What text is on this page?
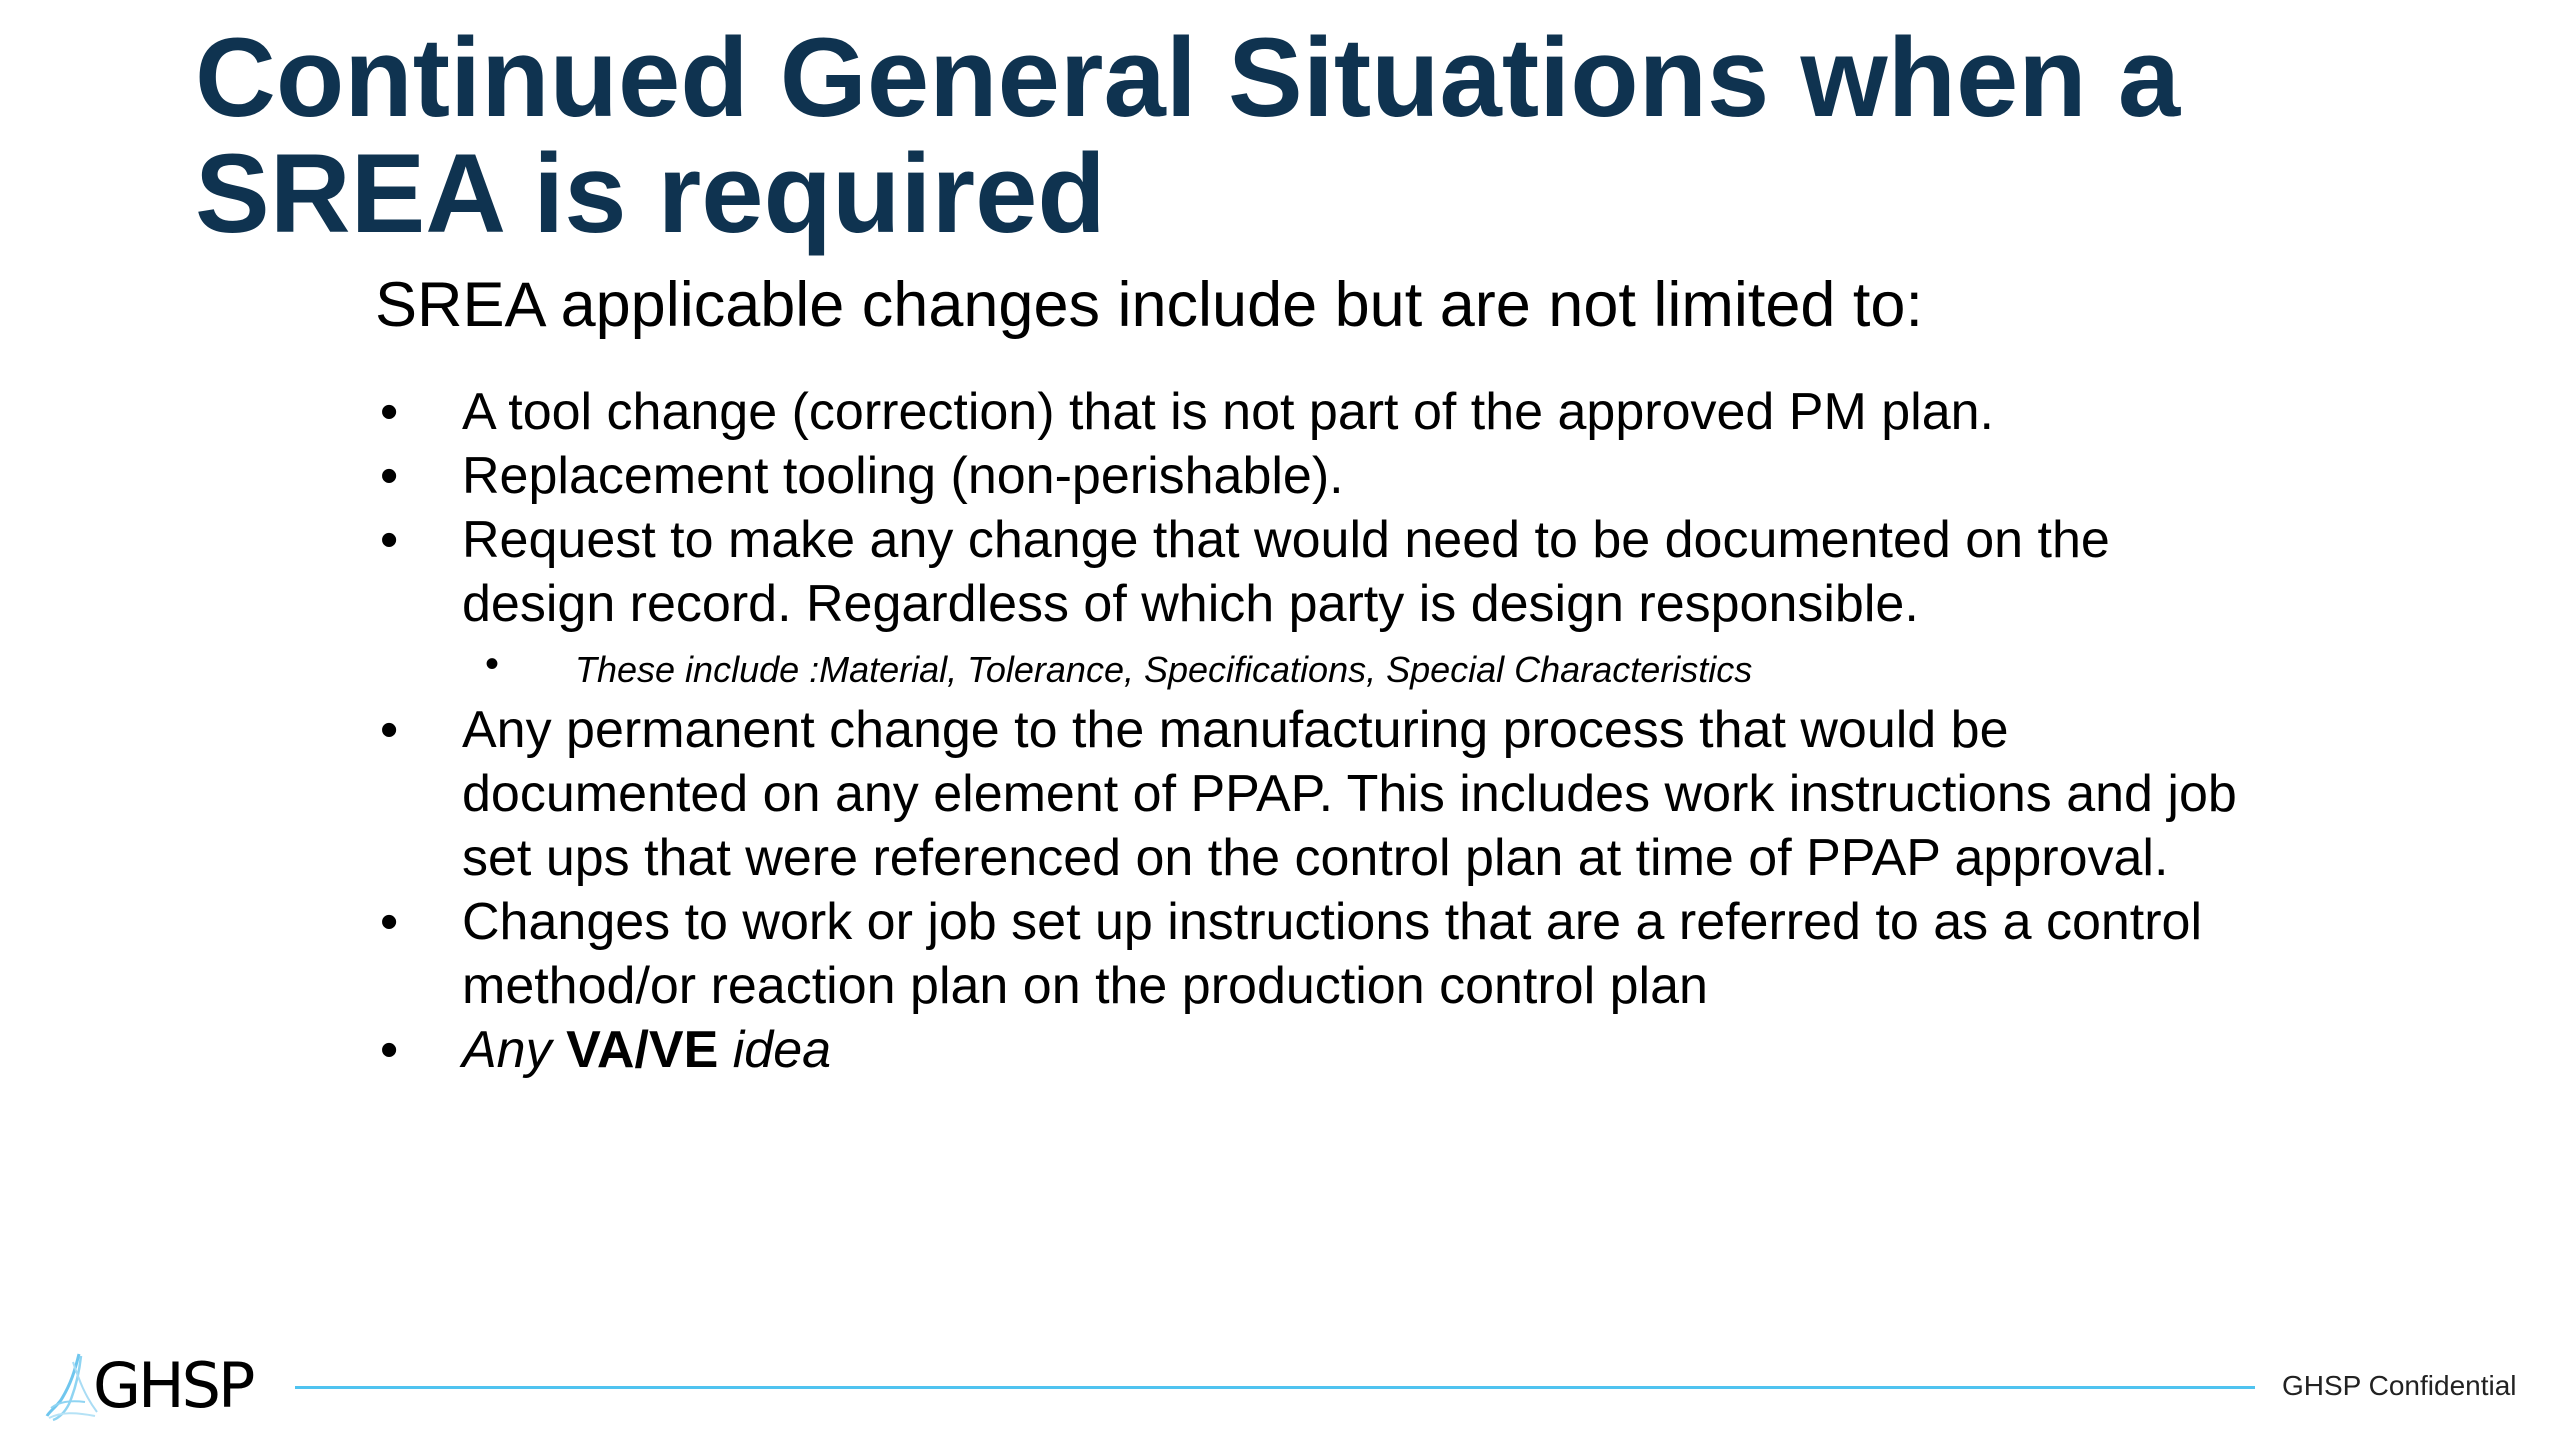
Continued General Situations when a
SREA is required

SREA applicable changes include but are not limited to:

• A tool change (correction) that is not part of the approved PM plan.
• Replacement tooling (non-perishable).
• Request to make any change that would need to be documented on the
design record. Regardless of which party is design responsible.
• These include :Material, Tolerance, Specifications, Special Characteristics
• Any permanent change to the manufacturing process that would be
documented on any element of PPAP. This includes work instructions and job
set ups that were referenced on the control plan at time of PPAP approval.
• Changes to work or job set up instructions that are a referred to as a control
method/or reaction plan on the production control plan
• Any VA/VE idea
GHSP	GHSP Confidential
